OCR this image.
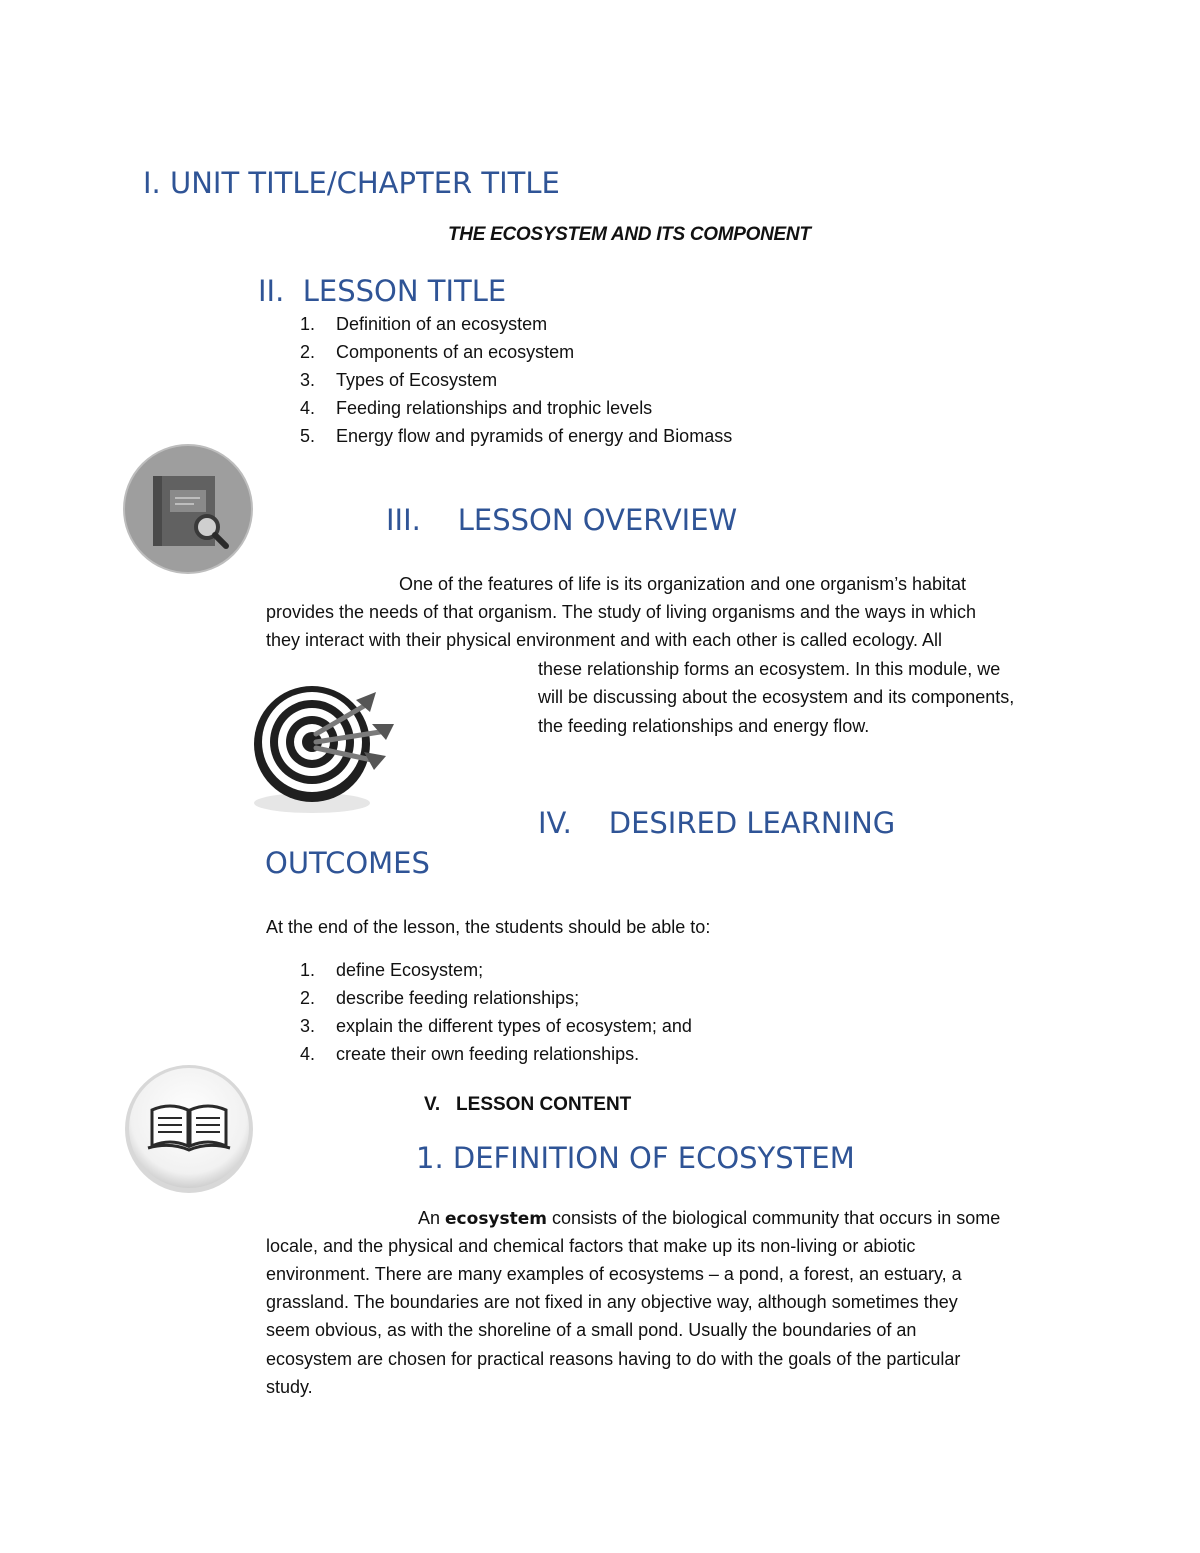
I. UNIT TITLE/CHAPTER TITLE
THE ECOSYSTEM AND ITS COMPONENT
II.  LESSON TITLE
1. Definition of an ecosystem
2. Components of an ecosystem
3. Types of Ecosystem
4. Feeding relationships and trophic levels
5. Energy flow and pyramids of energy and Biomass
III.    LESSON OVERVIEW
One of the features of life is its organization and one organism’s habitat
provides the needs of that organism. The study of living organisms and the ways in which
they interact with their physical environment and with each other is called ecology. All
these relationship forms an ecosystem. In this module, we
will be discussing about the ecosystem and its components,
the feeding relationships and energy flow.
IV.    DESIRED LEARNING
OUTCOMES
At the end of the lesson, the students should be able to:
1. define Ecosystem;
2. describe feeding relationships;
3. explain the different types of ecosystem; and
4. create their own feeding relationships.
V.   LESSON CONTENT
1. DEFINITION OF ECOSYSTEM
An ecosystem consists of the biological community that occurs in some
locale, and the physical and chemical factors that make up its non-living or abiotic
environment. There are many examples of ecosystems – a pond, a forest, an estuary, a
grassland. The boundaries are not fixed in any objective way, although sometimes they
seem obvious, as with the shoreline of a small pond. Usually the boundaries of an
ecosystem are chosen for practical reasons having to do with the goals of the particular
study.
